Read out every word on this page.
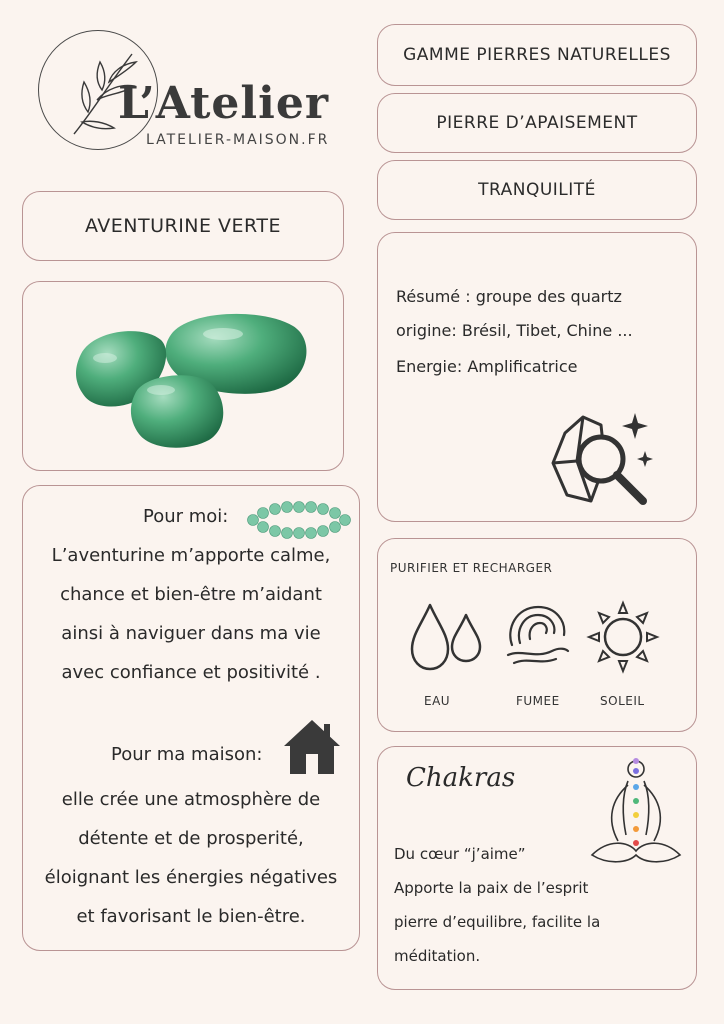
L’Atelier
LATELIER-MAISON.FR
GAMME PIERRES NATURELLES
PIERRE D’APAISEMENT
TRANQUILITÉ
AVENTURINE VERTE
Résumé : groupe des quartz
origine: Brésil, Tibet, Chine ...
Energie: Amplificatrice
Pour moi:
L’aventurine m’apporte calme,
chance et bien-être m’aidant
ainsi à naviguer dans ma vie
avec confiance et positivité .
Pour ma maison:
elle crée une atmosphère de
détente et de prosperité,
éloignant les énergies négatives
et favorisant le bien-être.
PURIFIER ET RECHARGER
EAU	FUMEE	SOLEIL
Chakras
Du cœur “j’aime”
Apporte la paix de l’esprit
pierre d’equilibre, facilite la
méditation.
